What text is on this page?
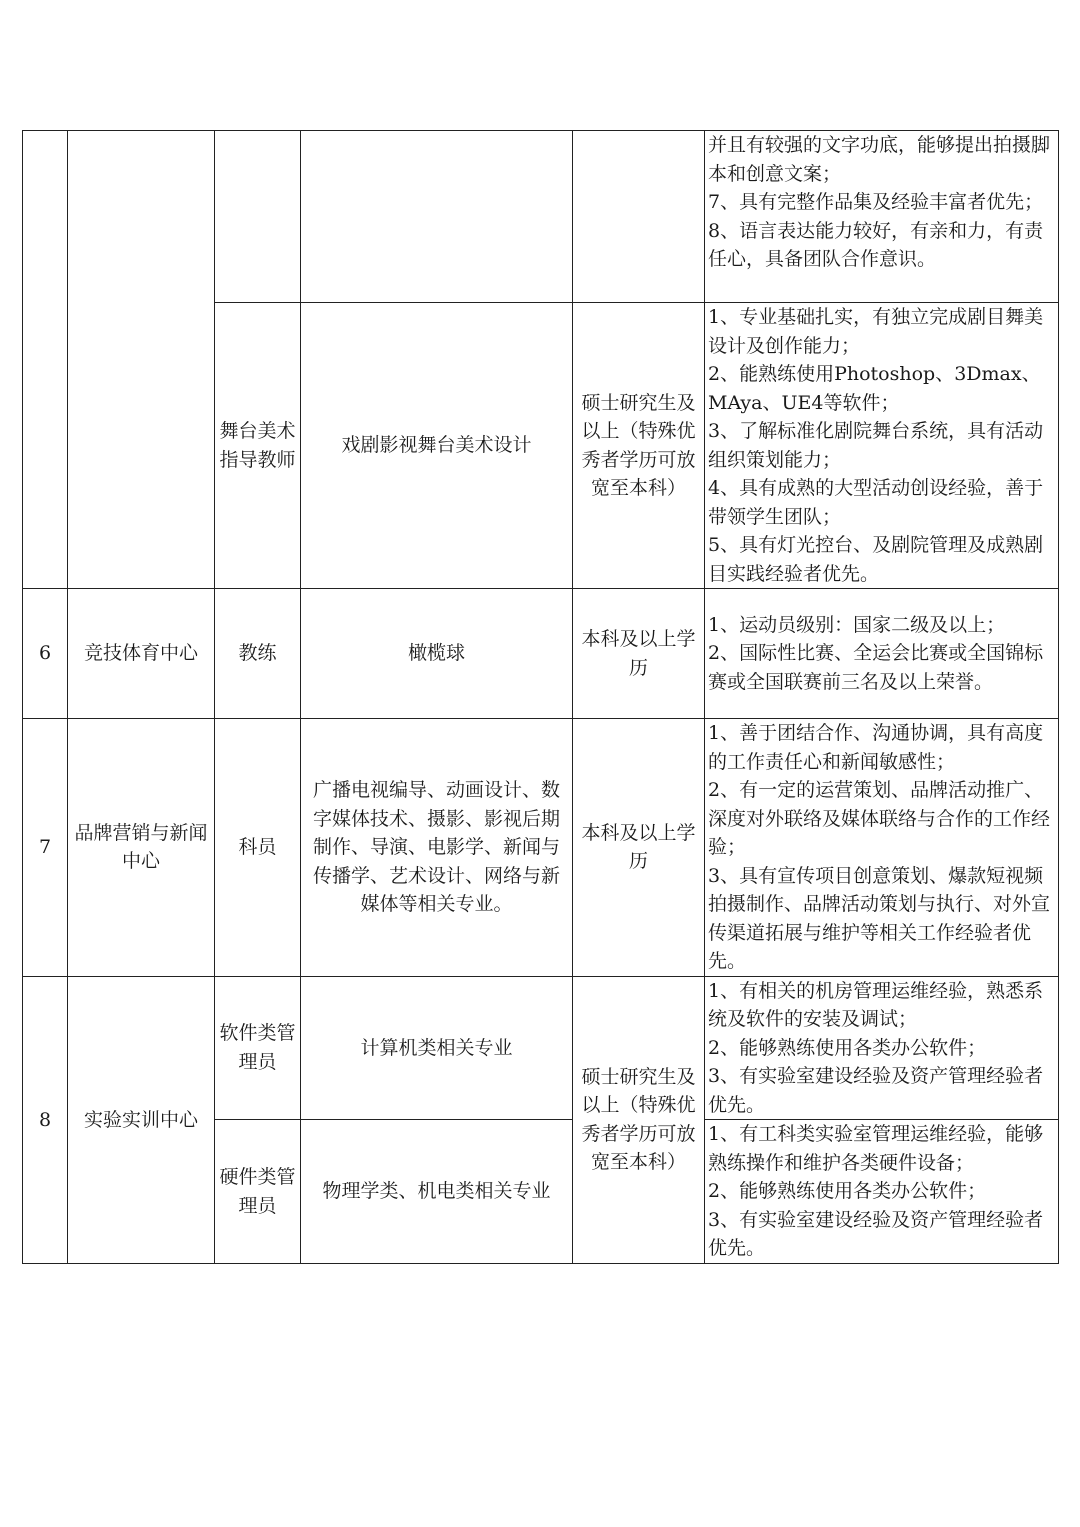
					并且有较强的文字功底，能够提出拍摄脚本和创意文案；
7、具有完整作品集及经验丰富者优先；
8、语言表达能力较好，有亲和力，有责任心，具备团队合作意识。

		舞台美术指导教师	戏剧影视舞台美术设计	硕士研究生及以上（特殊优秀者学历可放宽至本科）	1、专业基础扎实，有独立完成剧目舞美设计及创作能力；
2、能熟练使用Photoshop、3Dmax、MAya、UE4等软件；
3、了解标准化剧院舞台系统，具有活动组织策划能力；
4、具有成熟的大型活动创设经验，善于带领学生团队；
5、具有灯光控台、及剧院管理及成熟剧目实践经验者优先。

6	竞技体育中心	教练	橄榄球	本科及以上学历	1、运动员级别：国家二级及以上；
2、国际性比赛、全运会比赛或全国锦标赛或全国联赛前三名及以上荣誉。

7	品牌营销与新闻中心	科员	广播电视编导、动画设计、数字媒体技术、摄影、影视后期制作、导演、电影学、新闻与传播学、艺术设计、网络与新媒体等相关专业。	本科及以上学历	1、善于团结合作、沟通协调，具有高度的工作责任心和新闻敏感性；
2、有一定的运营策划、品牌活动推广、深度对外联络及媒体联络与合作的工作经验；
3、具有宣传项目创意策划、爆款短视频拍摄制作、品牌活动策划与执行、对外宣传渠道拓展与维护等相关工作经验者优先。

8	实验实训中心	软件类管理员	计算机类相关专业	硕士研究生及以上（特殊优秀者学历可放宽至本科）	1、有相关的机房管理运维经验，熟悉系统及软件的安装及调试；
2、能够熟练使用各类办公软件；
3、有实验室建设经验及资产管理经验者优先。

		硬件类管理员	物理学类、机电类相关专业		1、有工科类实验室管理运维经验，能够熟练操作和维护各类硬件设备；
2、能够熟练使用各类办公软件；
3、有实验室建设经验及资产管理经验者优先。
